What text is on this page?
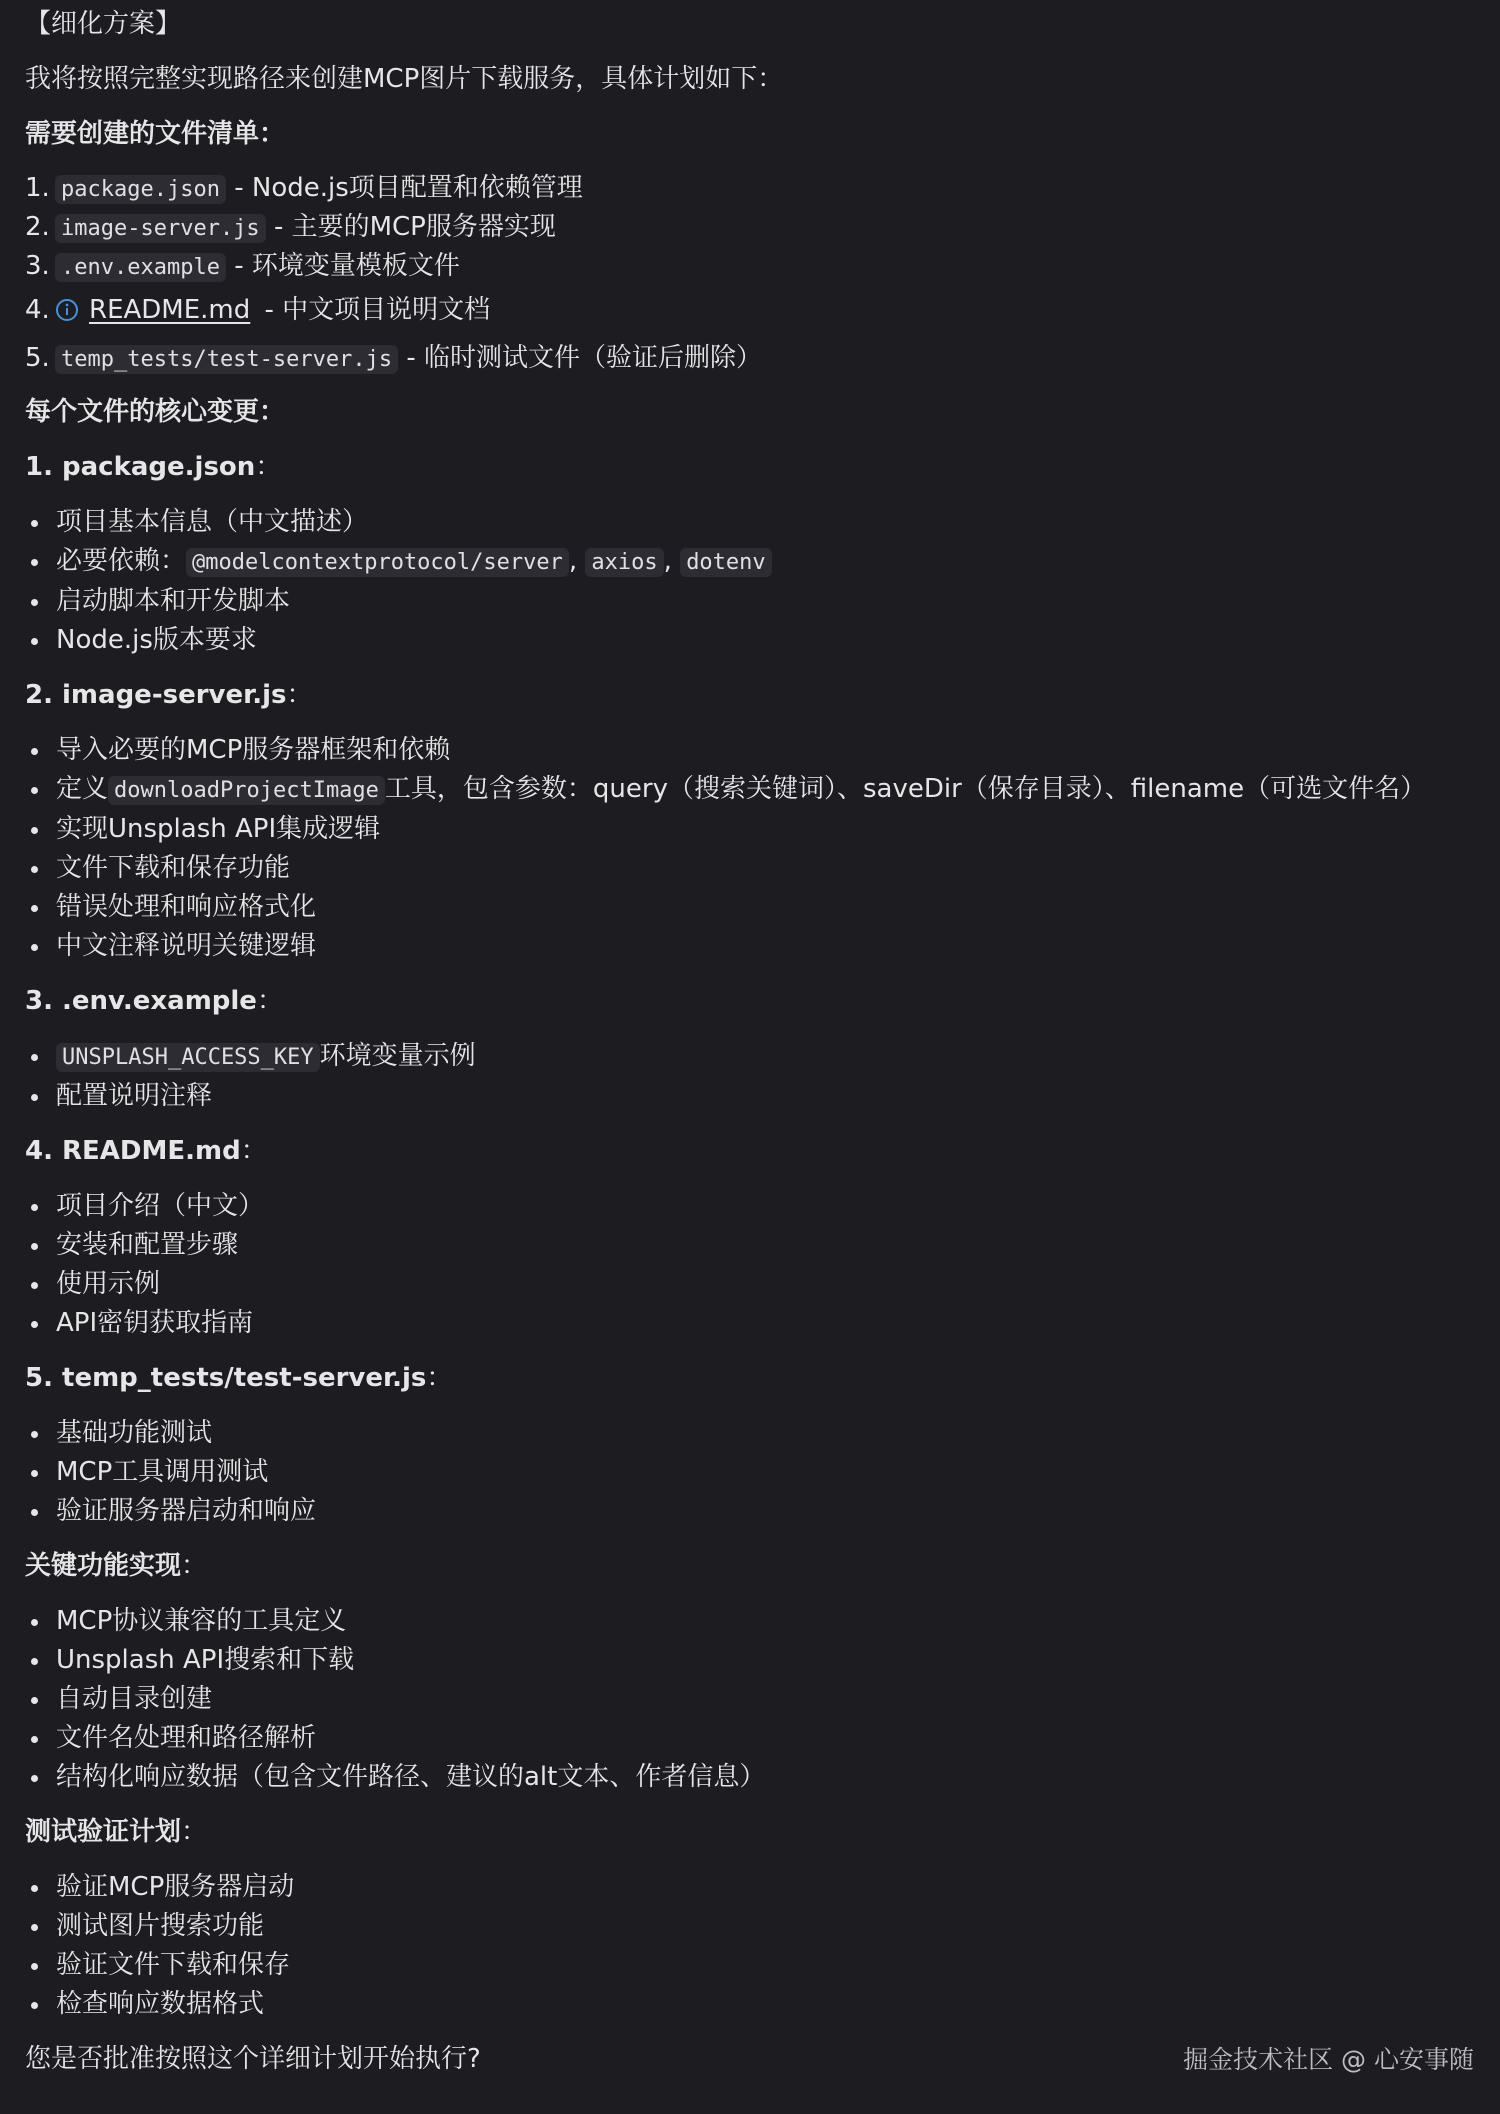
【细化方案】

我将按照完整实现路径来创建MCP图片下载服务，具体计划如下：

需要创建的文件清单：

1. package.json - Node.js项目配置和依赖管理
2. image-server.js - 主要的MCP服务器实现
3. .env.example - 环境变量模板文件
4. README.md - 中文项目说明文档
5. temp_tests/test-server.js - 临时测试文件（验证后删除）

每个文件的核心变更：

1. package.json：

项目基本信息（中文描述）
必要依赖： @modelcontextprotocol/server , axios , dotenv
启动脚本和开发脚本
Node.js版本要求

2. image-server.js：

导入必要的MCP服务器框架和依赖
定义 downloadProjectImage 工具，包含参数：query（搜索关键词）、saveDir（保存目录）、filename（可选文件名）
实现Unsplash API集成逻辑
文件下载和保存功能
错误处理和响应格式化
中文注释说明关键逻辑

3. .env.example：

UNSPLASH_ACCESS_KEY 环境变量示例
配置说明注释

4. README.md：

项目介绍（中文）
安装和配置步骤
使用示例
API密钥获取指南

5. temp_tests/test-server.js：

基础功能测试
MCP工具调用测试
验证服务器启动和响应

关键功能实现：

MCP协议兼容的工具定义
Unsplash API搜索和下载
自动目录创建
文件名处理和路径解析
结构化响应数据（包含文件路径、建议的alt文本、作者信息）

测试验证计划：

验证MCP服务器启动
测试图片搜索功能
验证文件下载和保存
检查响应数据格式

您是否批准按照这个详细计划开始执行?	掘金技术社区 @ 心安事随
